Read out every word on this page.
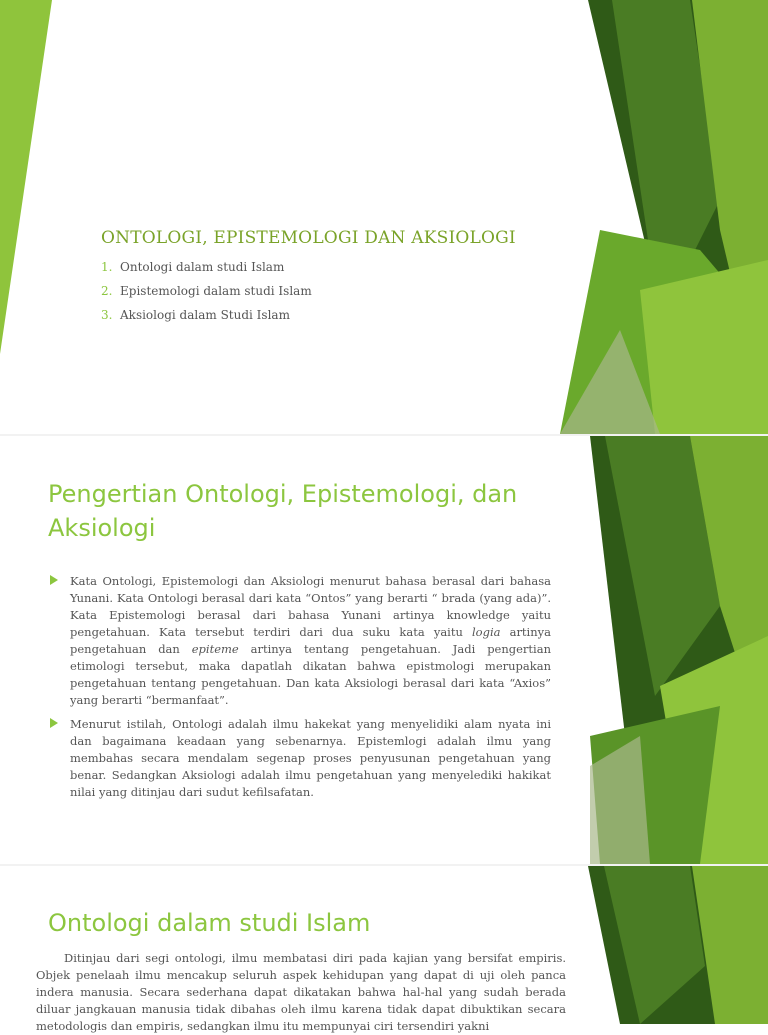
ONTOLOGI, EPISTEMOLOGI DAN AKSIOLOGI
1. Ontologi dalam studi Islam
2. Epistemologi dalam studi Islam
3. Aksiologi dalam Studi Islam
Pengertian Ontologi, Epistemologi, dan Aksiologi

Kata Ontologi, Epistemologi dan Aksiologi menurut bahasa berasal dari bahasa Yunani. Kata Ontologi berasal dari kata “Ontos” yang berarti “ brada (yang ada)”. Kata Epistemologi berasal dari bahasa Yunani artinya knowledge yaitu pengetahuan. Kata tersebut terdiri dari dua suku kata yaitu logia artinya pengetahuan dan epiteme artinya tentang pengetahuan. Jadi pengertian etimologi tersebut, maka dapatlah dikatan bahwa epistmologi merupakan pengetahuan tentang pengetahuan. Dan kata Aksiologi berasal dari kata “Axios” yang berarti “bermanfaat”.

Menurut istilah, Ontologi adalah ilmu hakekat yang menyelidiki alam nyata ini dan bagaimana keadaan yang sebenarnya. Epistemlogi adalah ilmu yang membahas secara mendalam segenap proses penyusunan pengetahuan yang benar. Sedangkan Aksiologi adalah ilmu pengetahuan yang menyelediki hakikat nilai yang ditinjau dari sudut kefilsafatan.

Ontologi dalam studi Islam

Ditinjau dari segi ontologi, ilmu membatasi diri pada kajian yang bersifat empiris. Objek penelaah ilmu mencakup seluruh aspek kehidupan yang dapat di uji oleh panca indera manusia. Secara sederhana dapat dikatakan bahwa hal-hal yang sudah berada diluar jangkauan manusia tidak dibahas oleh ilmu karena tidak dapat dibuktikan secara metodologis dan empiris, sedangkan ilmu itu mempunyai ciri tersendiri yakni
